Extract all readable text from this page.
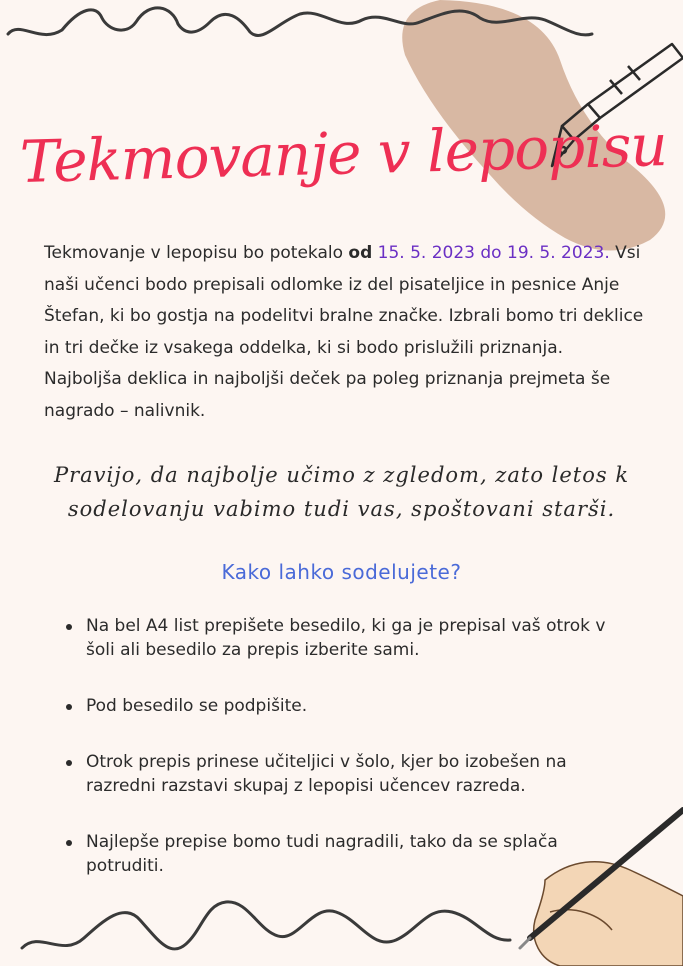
Tekmovanje v lepopisu
Tekmovanje v lepopisu bo potekalo od 15. 5. 2023 do 19. 5. 2023. Vsi naši učenci bodo prepisali odlomke iz del pisateljice in pesnice Anje Štefan, ki bo gostja na podelitvi bralne značke. Izbrali bomo tri deklice in tri dečke iz vsakega oddelka, ki si bodo prislužili priznanja. Najboljša deklica in najboljši deček pa poleg priznanja prejmeta še nagrado – nalivnik.
Pravijo, da najbolje učimo z zgledom, zato letos k sodelovanju vabimo tudi vas, spoštovani starši.
Kako lahko sodelujete?
Na bel A4 list prepišete besedilo, ki ga je prepisal vaš otrok v šoli ali besedilo za prepis izberite sami.
Pod besedilo se podpišite.
Otrok prepis prinese učiteljici v šolo, kjer bo izobešen na razredni razstavi skupaj z lepopisi učencev razreda.
Najlepše prepise bomo tudi nagradili, tako da se splača potruditi.
